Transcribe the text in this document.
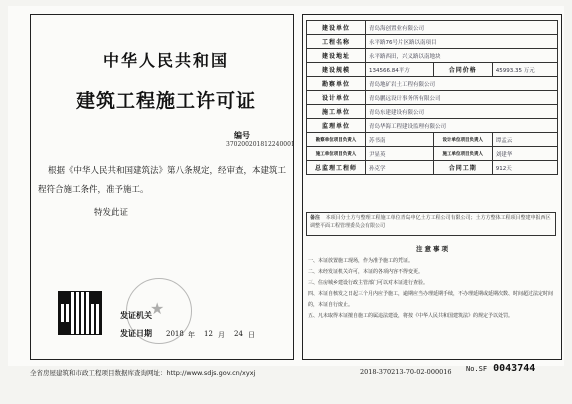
中华人民共和国
建筑工程施工许可证
编号
370200201812240001
根据《中华人民共和国建筑法》第八条规定，经审查，本建筑工程符合施工条件，准予施工。
特发此证
★
发证机关
发证日期 2018 年 12 月 24 日
建设单位	青岛海创置业有限公司		
工程名称	永平路76号片区路以南项目		
建设地址	永平路西田，兴义路以南地块		
建设规模	134566.84平方	合同价格	45993.35 万元
勘察单位	青岛地矿岩土工程有限公司		
设计单位	青岛鹏远设计事务所有限公司		
施工单位	青岛东建建设有限公司		
监理单位	青岛华海工程建设监理有限公司		
勘察单位项目负责人	苏书南	设计单位项目负责人	谭孟云
施工单位项目负责人	尹显英	施工单位项目负责人	刘建华
总监理工程师	孙克学	合同工期	912天
备注 本项目分土方与整理工程施工单位青岛申亿土方工程公司有限公司；土方方整体工程项目整建申报西区调整平面工程管理委员会有限公司
注意事项
一、本证放置施工现场，作为准予施工的凭证。
二、未经发证机关许可，本证的各项内容不得变更。
三、住房城乡建设行政主管部门可以对本证进行查验。
四、本证自核发之日起三个月内应予施工，逾期应当办理延期手续，不办理延期或延期次数、时间超过法定时间的，本证自行废止。
五、凡未取得本证擅自施工的属违法建设，将按《中华人民共和国建筑法》的规定予以处罚。
全省房屋建筑和市政工程项目数据库查询网址：http://www.sdjs.gov.cn/xyxj	2018-370213-70-02-000016 No.SF 0043744
